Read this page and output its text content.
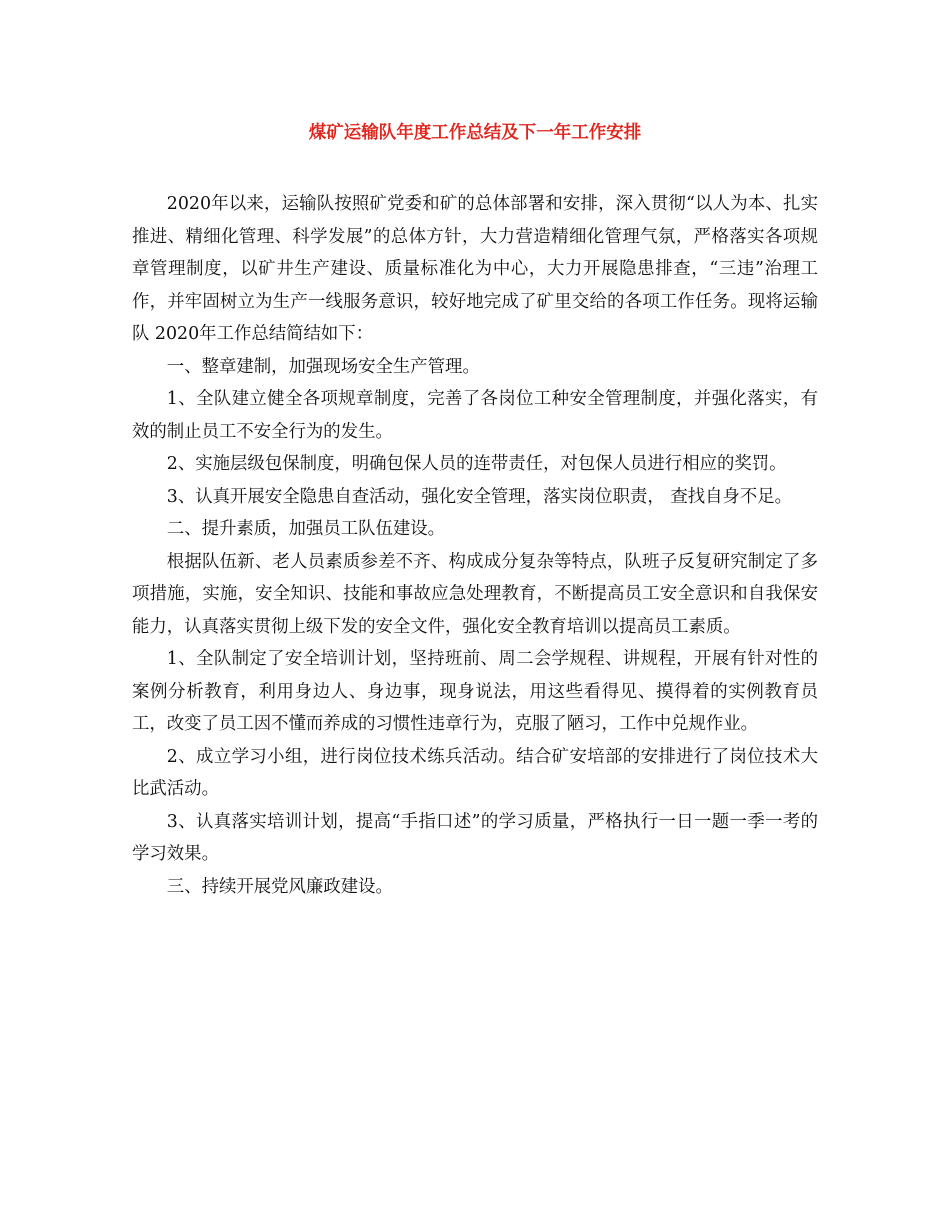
煤矿运输队年度工作总结及下一年工作安排

2020年以来，运输队按照矿党委和矿的总体部署和安排，深入贯彻“以人为本、扎实推进、精细化管理、科学发展”的总体方针，大力营造精细化管理气氛，严格落实各项规章管理制度，以矿井生产建设、质量标准化为中心，大力开展隐患排查，“三违”治理工作，并牢固树立为生产一线服务意识，较好地完成了矿里交给的各项工作任务。现将运输队 2020年工作总结简结如下：

一、整章建制，加强现场安全生产管理。

1、全队建立健全各项规章制度，完善了各岗位工种安全管理制度，并强化落实，有效的制止员工不安全行为的发生。

2、实施层级包保制度，明确包保人员的连带责任，对包保人员进行相应的奖罚。

3、认真开展安全隐患自查活动，强化安全管理，落实岗位职责， 查找自身不足。

二、提升素质，加强员工队伍建设。

根据队伍新、老人员素质参差不齐、构成成分复杂等特点，队班子反复研究制定了多项措施，实施，安全知识、技能和事故应急处理教育，不断提高员工安全意识和自我保安能力，认真落实贯彻上级下发的安全文件，强化安全教育培训以提高员工素质。

1、全队制定了安全培训计划，坚持班前、周二会学规程、讲规程，开展有针对性的案例分析教育，利用身边人、身边事，现身说法，用这些看得见、摸得着的实例教育员工，改变了员工因不懂而养成的习惯性违章行为，克服了陋习，工作中兑规作业。

2、成立学习小组，进行岗位技术练兵活动。结合矿安培部的安排进行了岗位技术大比武活动。

3、认真落实培训计划，提高“手指口述”的学习质量，严格执行一日一题一季一考的学习效果。

三、持续开展党风廉政建设。
